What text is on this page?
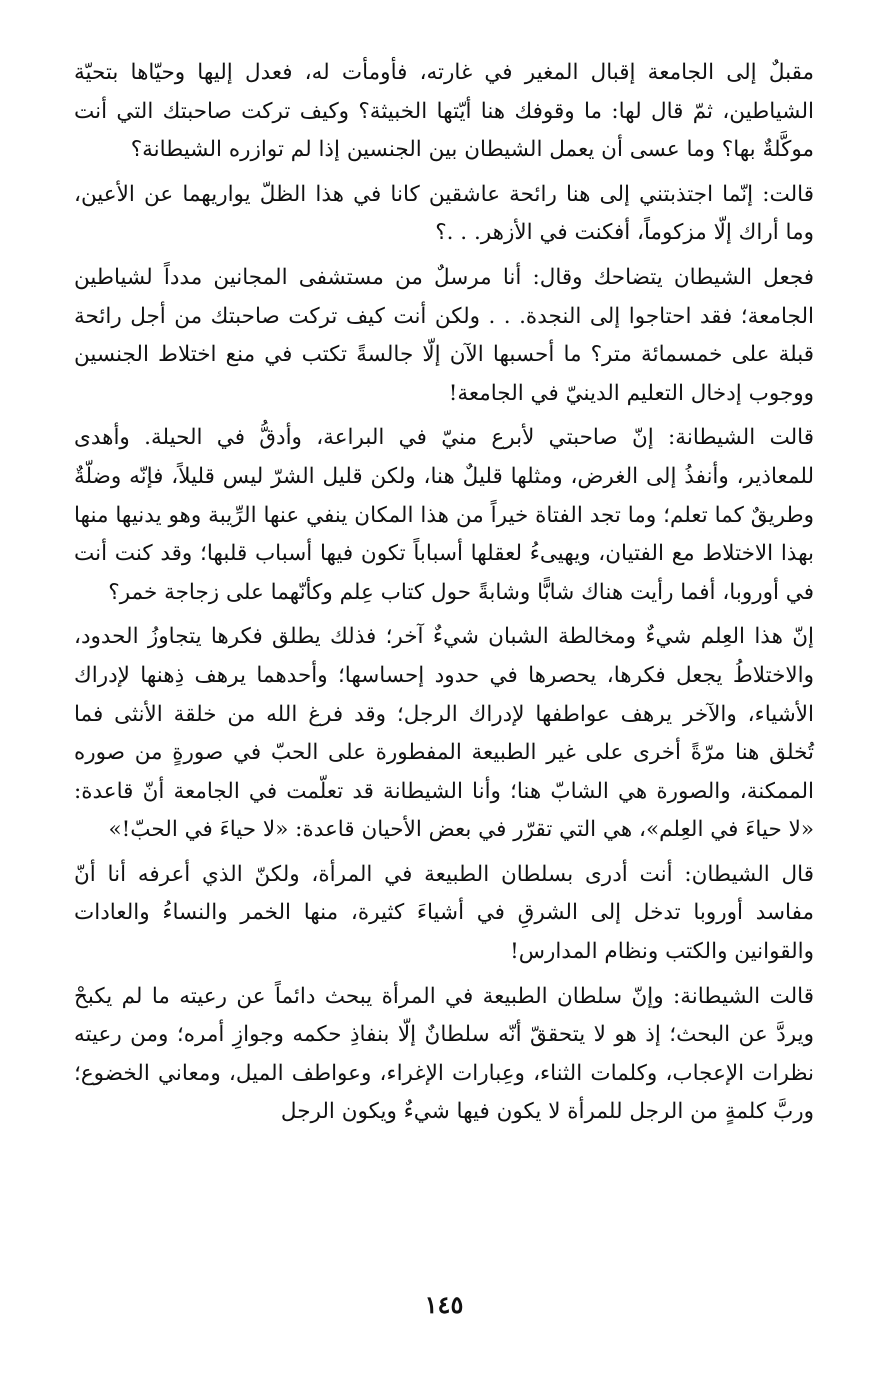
مقبلٌ إلى الجامعة إقبال المغير في غارته، فأومأت له، فعدل إليها وحيّاها بتحيّة الشياطين، ثمّ قال لها: ما وقوفك هنا أيّتها الخبيثة؟ وكيف تركت صاحبتك التي أنت موكَّلةٌ بها؟ وما عسى أن يعمل الشيطان بين الجنسين إذا لم توازره الشيطانة؟

قالت: إنّما اجتذبتني إلى هنا رائحة عاشقين كانا في هذا الظلّ يواريهما عن الأعين، وما أراك إلّا مزكوماً، أفكنت في الأزهر. . .؟

فجعل الشيطان يتضاحك وقال: أنا مرسلٌ من مستشفى المجانين مدداً لشياطين الجامعة؛ فقد احتاجوا إلى النجدة. . . ولكن أنت كيف تركت صاحبتك من أجل رائحة قبلة على خمسمائة متر؟ ما أحسبها الآن إلّا جالسةً تكتب في منع اختلاط الجنسين ووجوب إدخال التعليم الدينيّ في الجامعة!

قالت الشيطانة: إنّ صاحبتي لأبرع منيّ في البراعة، وأدقُّ في الحيلة. وأهدى للمعاذير، وأنفذُ إلى الغرض، ومثلها قليلٌ هنا، ولكن قليل الشرّ ليس قليلاً، فإنّه وضلّةٌ وطريقٌ كما تعلم؛ وما تجد الفتاة خيراً من هذا المكان ينفي عنها الرِّيبة وهو يدنيها منها بهذا الاختلاط مع الفتيان، ويهيىءُ لعقلها أسباباً تكون فيها أسباب قلبها؛ وقد كنت أنت في أوروبا، أفما رأيت هناك شابًّا وشابةً حول كتاب عِلم وكأنّهما على زجاجة خمر؟

إنّ هذا العِلم شيءٌ ومخالطة الشبان شيءٌ آخر؛ فذلك يطلق فكرها يتجاوزُ الحدود، والاختلاطُ يجعل فكرها، يحصرها في حدود إحساسها؛ وأحدهما يرهف ذِهنها لإدراك الأشياء، والآخر يرهف عواطفها لإدراك الرجل؛ وقد فرغ الله من خلقة الأنثى فما تُخلق هنا مرّةً أخرى على غير الطبيعة المفطورة على الحبّ في صورةٍ من صوره الممكنة، والصورة هي الشابّ هنا؛ وأنا الشيطانة قد تعلّمت في الجامعة أنّ قاعدة: «لا حياءَ في العِلم»، هي التي تقرّر في بعض الأحيان قاعدة: «لا حياءَ في الحبّ!»

قال الشيطان: أنت أدرى بسلطان الطبيعة في المرأة، ولكنّ الذي أعرفه أنا أنّ مفاسد أوروبا تدخل إلى الشرقِ في أشياءَ كثيرة، منها الخمر والنساءُ والعادات والقوانين والكتب ونظام المدارس!

قالت الشيطانة: وإنّ سلطان الطبيعة في المرأة يبحث دائماً عن رعيته ما لم يكبحْ ويردَّ عن البحث؛ إذ هو لا يتحققّ أنّه سلطانٌ إلّا بنفاذِ حكمه وجوازِ أمره؛ ومن رعيته نظرات الإعجاب، وكلمات الثناء، وعِبارات الإغراء، وعواطف الميل، ومعاني الخضوع؛ وربَّ كلمةٍ من الرجل للمرأة لا يكون فيها شيءٌ ويكون الرجل

١٤٥
